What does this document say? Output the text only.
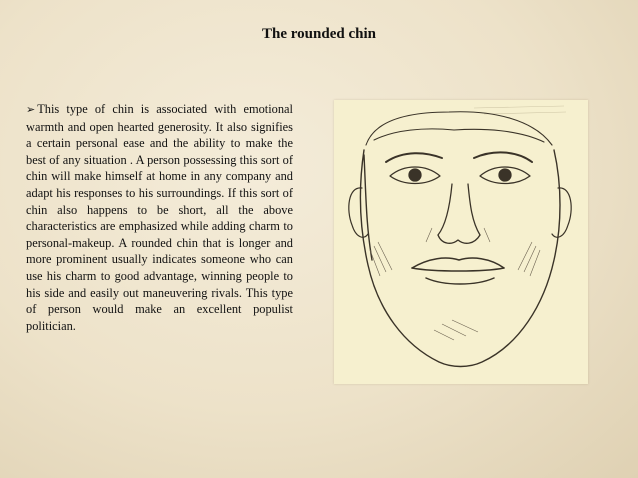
The rounded chin
➢ This type of chin is associated with emotional warmth and open hearted generosity. It also signifies a certain personal ease and the ability to make the best of any situation . A person possessing this sort of chin will make himself at home in any company and adapt his responses to his surroundings. If this sort of chin also happens to be short, all the above characteristics are emphasized while adding charm to personal-makeup. A rounded chin that is longer and more prominent usually indicates someone who can use his charm to good advantage, winning people to his side and easily out maneuvering rivals. This type of person would make an excellent populist politician.
